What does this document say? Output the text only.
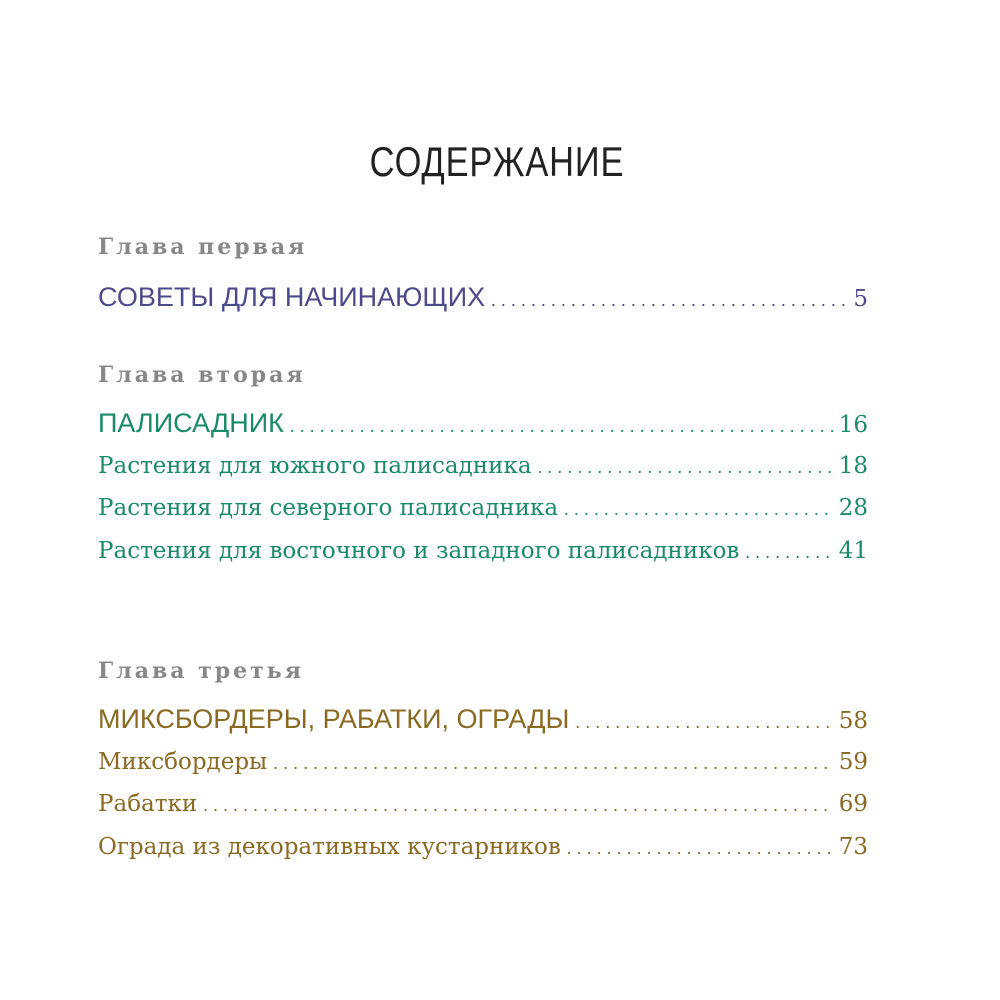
СОДЕРЖАНИЕ
Глава первая
СОВЕТЫ ДЛЯ НАЧИНАЮЩИХ . . .	5
Глава вторая
ПАЛИСАДНИК . . .	16
Растения для южного палисадника . . .	18
Растения для северного палисадника . . .	28
Растения для восточного и западного палисадников . . .	41
Глава третья
МИКСБОРДЕРЫ, РАБАТКИ, ОГРАДЫ . . .	58
Миксбордеры . . .	59
Рабатки . . .	69
Ограда из декоративных кустарников . . .	73
